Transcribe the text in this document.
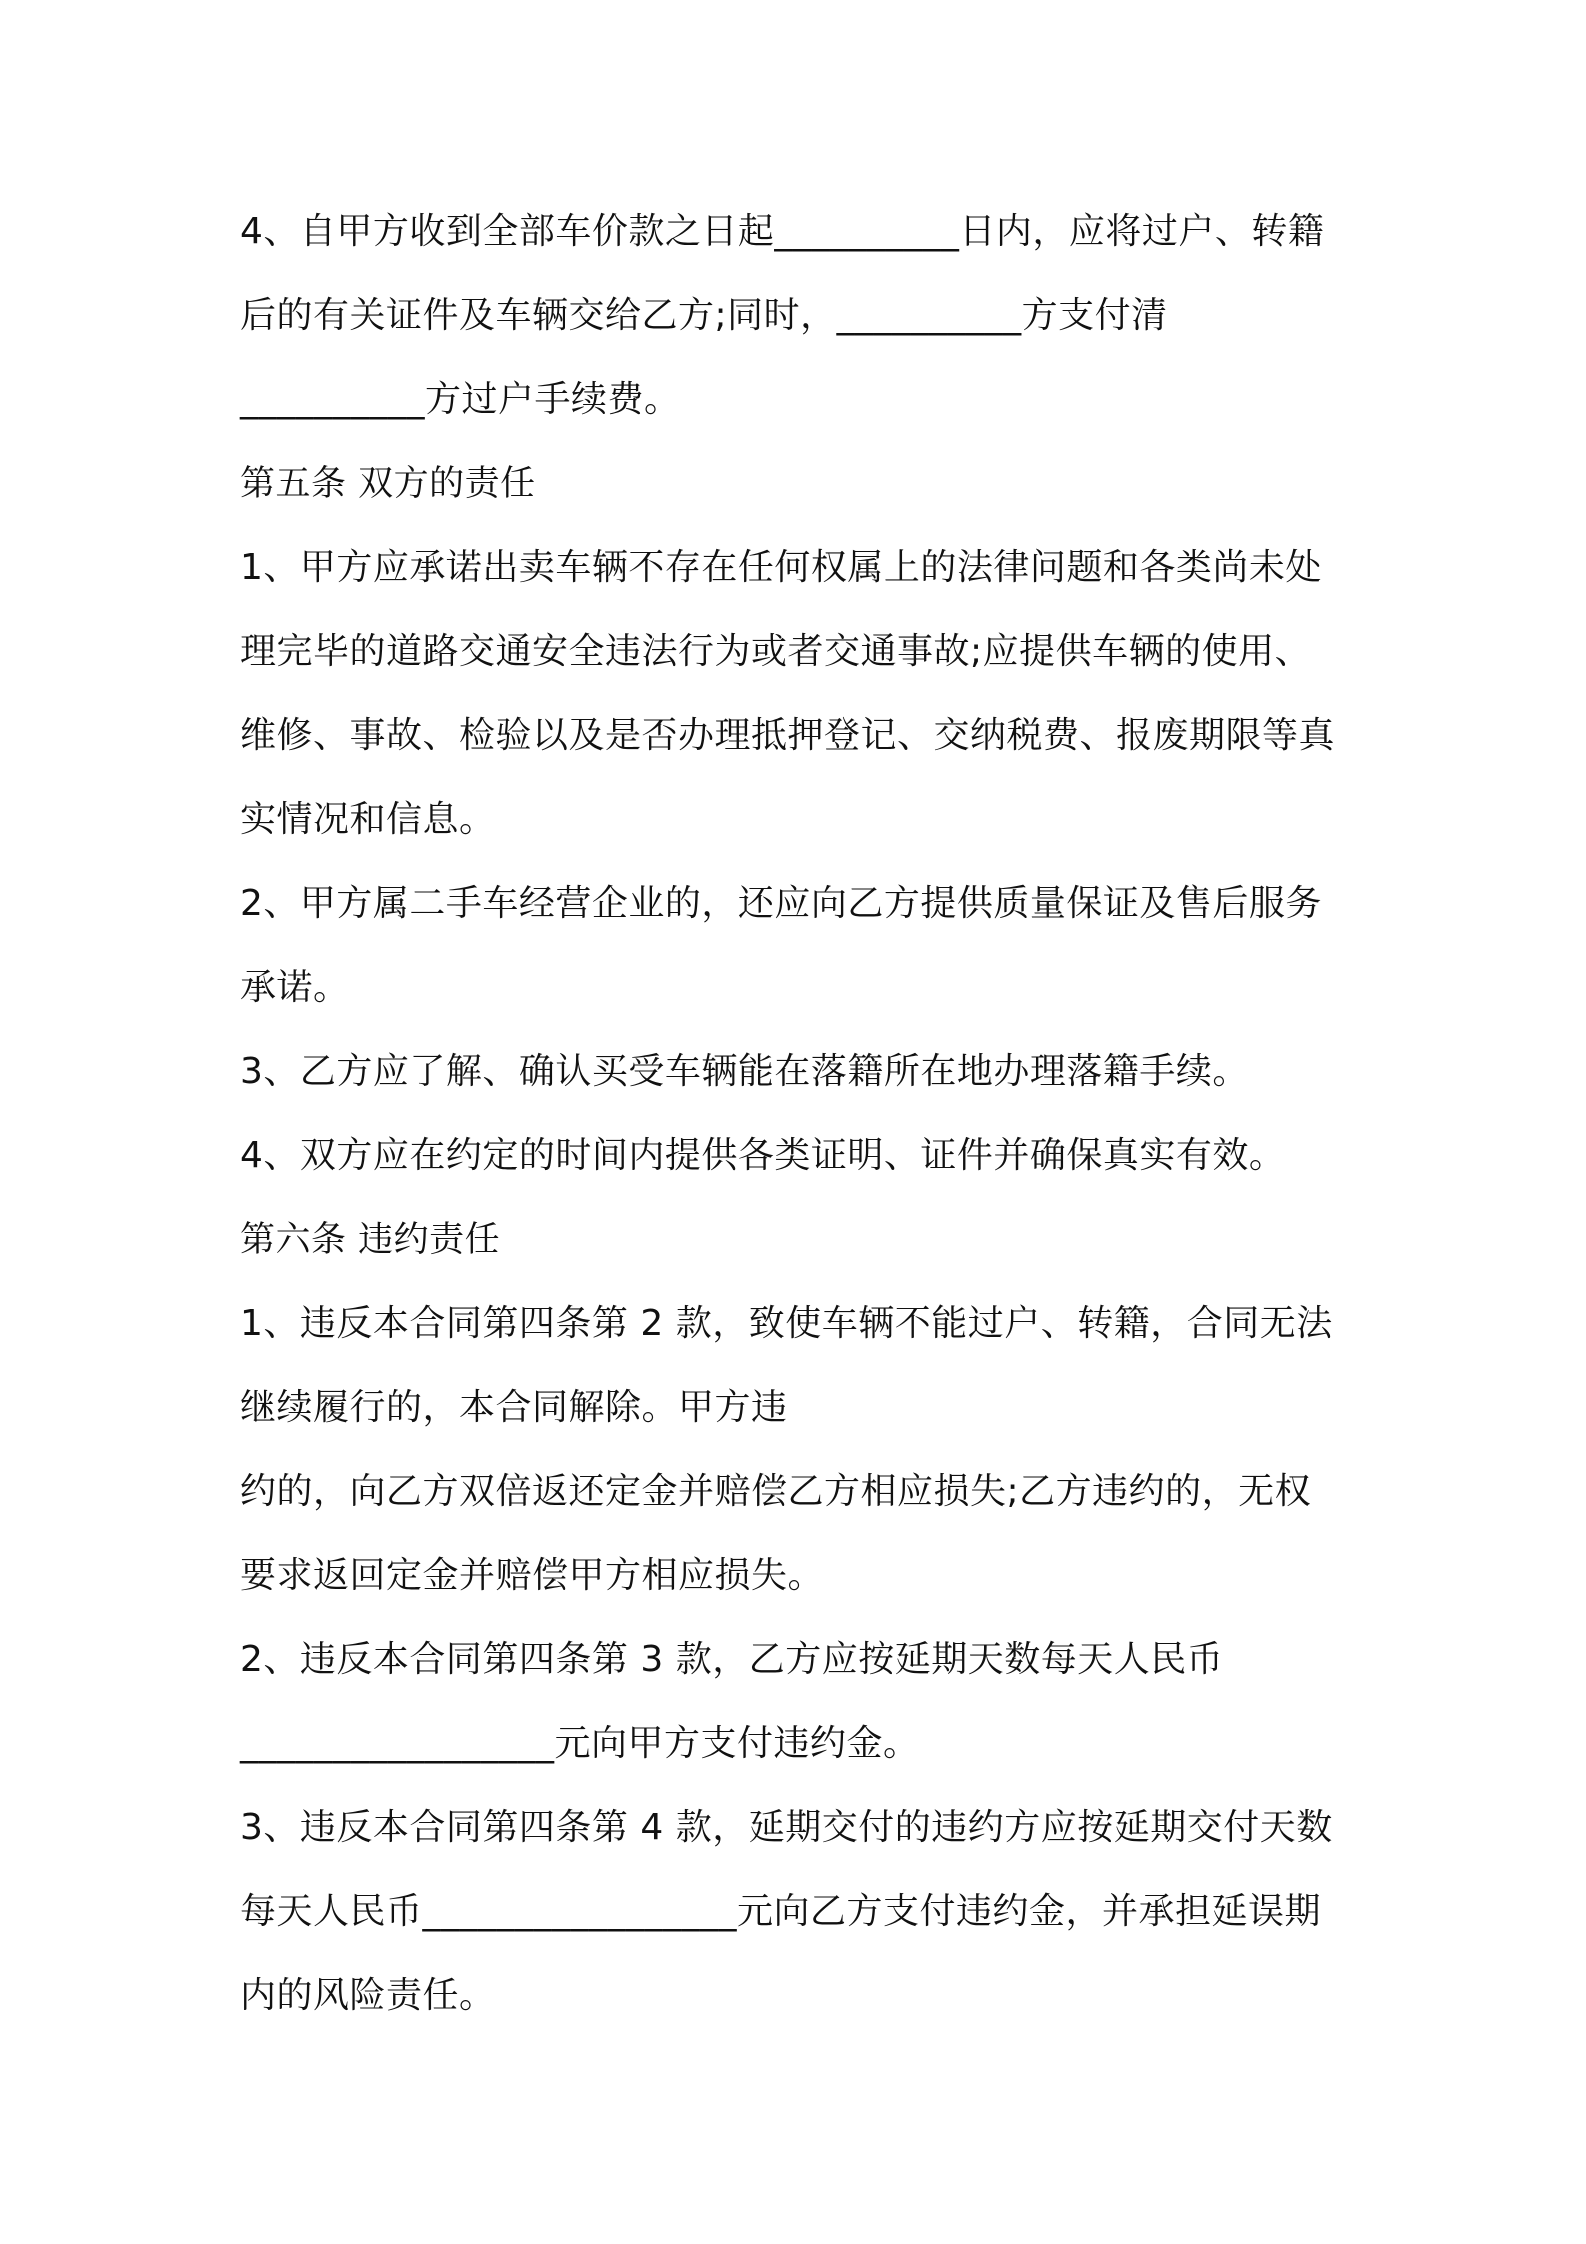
4、自甲方收到全部车价款之日起__________日内，应将过户、转籍
后的有关证件及车辆交给乙方;同时，__________方支付清
__________方过户手续费。
第五条 双方的责任
1、甲方应承诺出卖车辆不存在任何权属上的法律问题和各类尚未处
理完毕的道路交通安全违法行为或者交通事故;应提供车辆的使用、
维修、事故、检验以及是否办理抵押登记、交纳税费、报废期限等真
实情况和信息。
2、甲方属二手车经营企业的，还应向乙方提供质量保证及售后服务
承诺。
3、乙方应了解、确认买受车辆能在落籍所在地办理落籍手续。
4、双方应在约定的时间内提供各类证明、证件并确保真实有效。
第六条 违约责任
1、违反本合同第四条第 2 款，致使车辆不能过户、转籍，合同无法
继续履行的，本合同解除。甲方违
约的，向乙方双倍返还定金并赔偿乙方相应损失;乙方违约的，无权
要求返回定金并赔偿甲方相应损失。
2、违反本合同第四条第 3 款，乙方应按延期天数每天人民币
_________________元向甲方支付违约金。
3、违反本合同第四条第 4 款，延期交付的违约方应按延期交付天数
每天人民币_________________元向乙方支付违约金，并承担延误期
内的风险责任。
